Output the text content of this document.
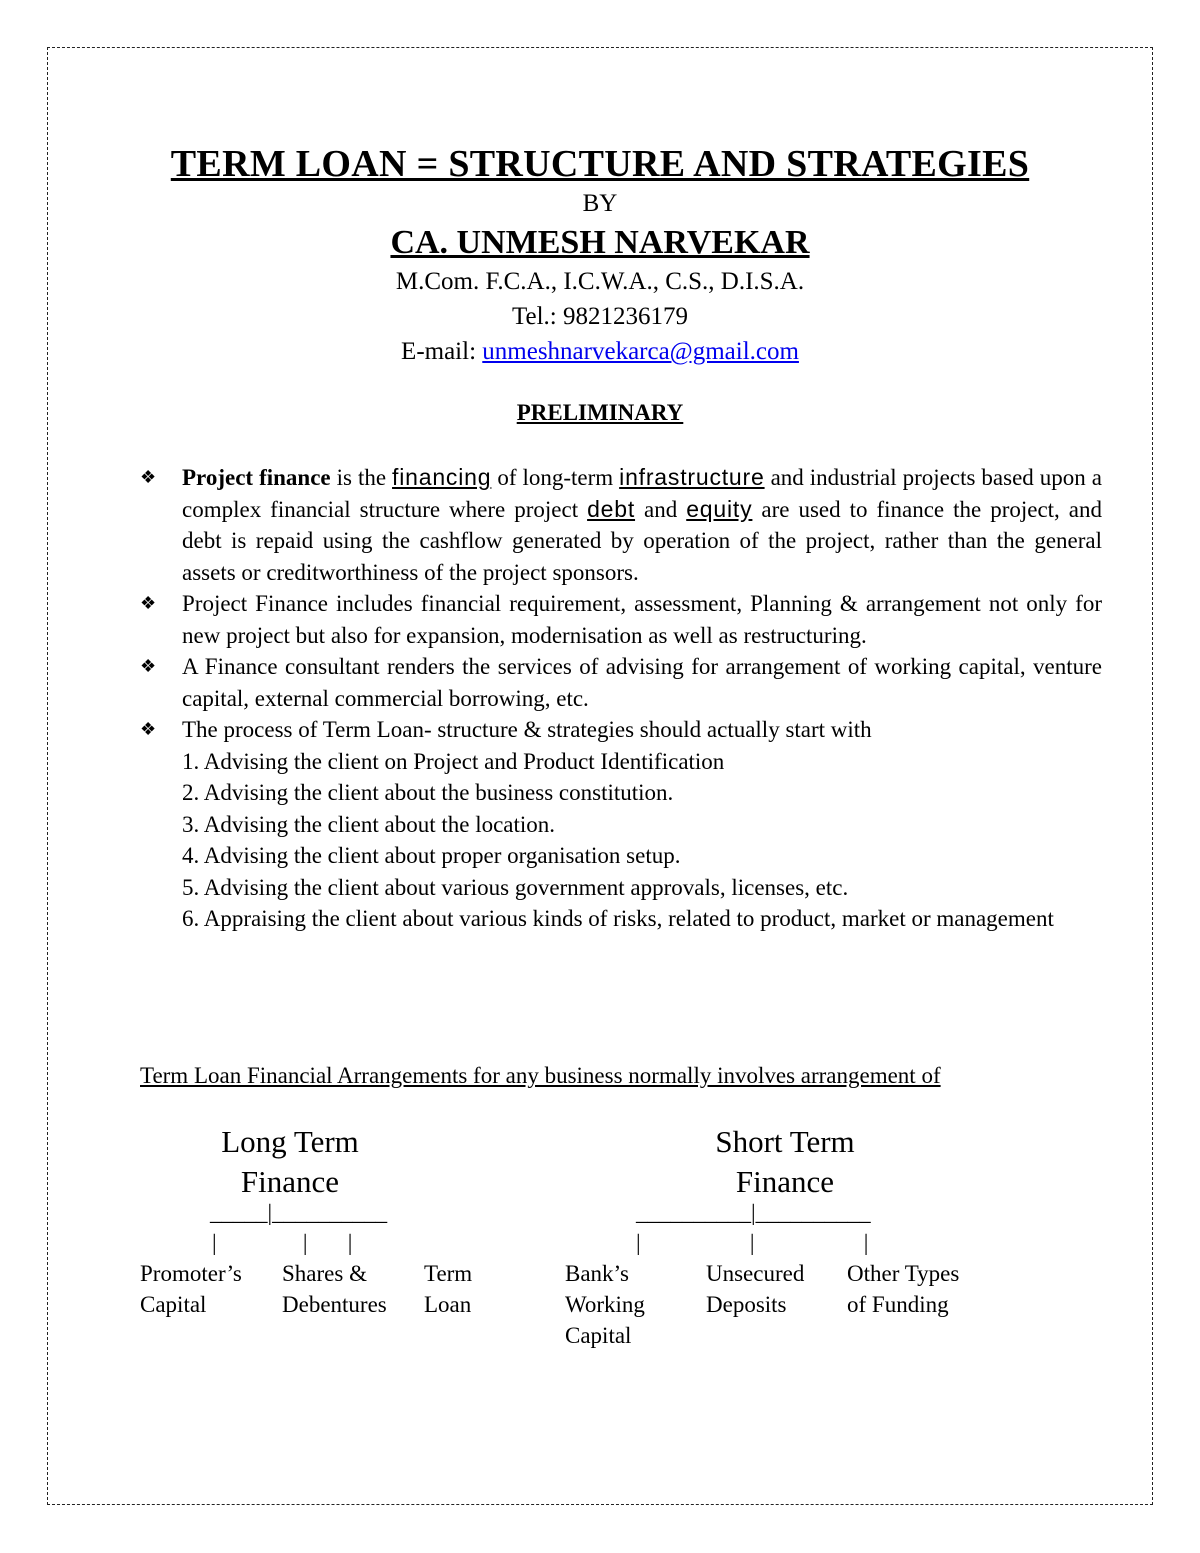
TERM LOAN = STRUCTURE AND STRATEGIES
BY
CA. UNMESH NARVEKAR
M.Com. F.C.A., I.C.W.A., C.S., D.I.S.A.
Tel.: 9821236179
E-mail: unmeshnarvekarca@gmail.com
PRELIMINARY
❖ Project finance is the financing of long-term infrastructure and industrial projects based upon a complex financial structure where project debt and equity are used to finance the project, and debt is repaid using the cashflow generated by operation of the project, rather than the general assets or creditworthiness of the project sponsors.

❖ Project Finance includes financial requirement, assessment, Planning & arrangement not only for new project but also for expansion, modernisation as well as restructuring.

❖ A Finance consultant renders the services of advising for arrangement of working capital, venture capital, external commercial borrowing, etc.

❖ The process of Term Loan- structure & strategies should actually start with

1. Advising the client on Project and Product Identification
2. Advising the client about the business constitution.
3. Advising the client about the location.
4. Advising the client about proper organisation setup.
5. Advising the client about various government approvals, licenses, etc.
6. Appraising the client about various kinds of risks, related to product, market or management
Term Loan Financial Arrangements for any business normally involves arrangement of
Long Term
Finance
_____|__________
|               |       |
Promoter’s
Capital
Shares &
Debentures
Term
Loan
Short Term
Finance
__________|__________
|                   |                   |
Bank’s
Working
Capital
Unsecured
Deposits
Other Types
of Funding
